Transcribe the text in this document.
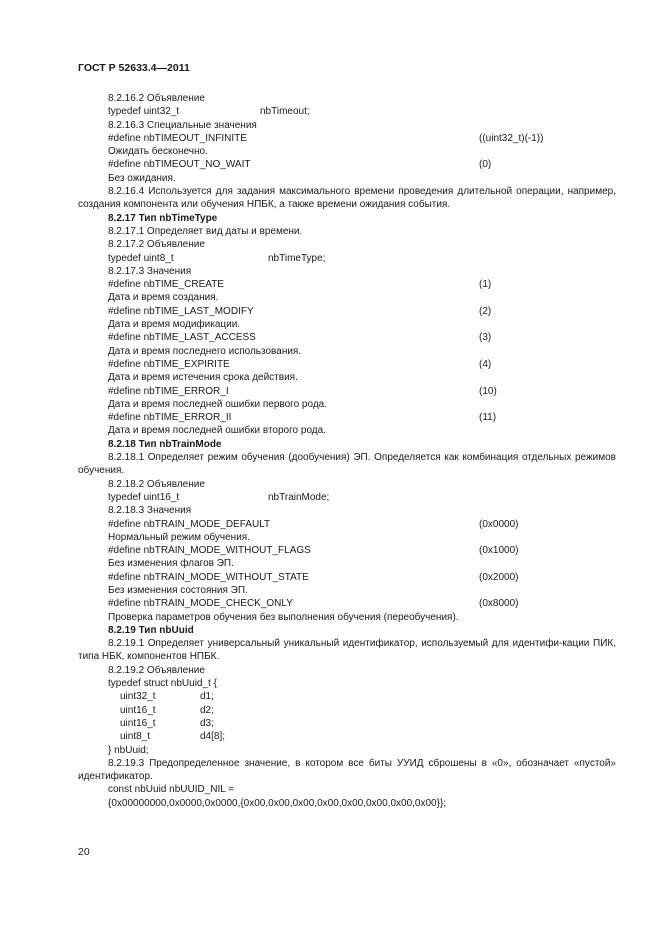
ГОСТ Р 52633.4—2011
8.2.16.2 Объявление
typedef uint32_t	nbTimeout;
8.2.16.3 Специальные значения
#define nbTIMEOUT_INFINITE	((uint32_t)(-1))
Ожидать бесконечно.
#define nbTIMEOUT_NO_WAIT	(0)
Без ожидания.
8.2.16.4 Используется для задания максимального времени проведения длительной операции, например, создания компонента или обучения НПБК, а также времени ожидания события.
8.2.17 Тип nbTimeType
8.2.17.1 Определяет вид даты и времени.
8.2.17.2 Объявление
typedef uint8_t	nbTimeType;
8.2.17.3 Значения
#define nbTIME_CREATE	(1)
Дата и время создания.
#define nbTIME_LAST_MODIFY	(2)
Дата и время модификации.
#define nbTIME_LAST_ACCESS	(3)
Дата и время последнего использования.
#define nbTIME_EXPIRITE	(4)
Дата и время истечения срока действия.
#define nbTIME_ERROR_I	(10)
Дата и время последней ошибки первого рода.
#define nbTIME_ERROR_II	(11)
Дата и время последней ошибки второго рода.
8.2.18 Тип nbTrainMode
8.2.18.1 Определяет режим обучения (дообучения) ЭП. Определяется как комбинация отдельных режимов обучения.
8.2.18.2 Объявление
typedef uint16_t	nbTrainMode;
8.2.18.3 Значения
#define nbTRAIN_MODE_DEFAULT	(0x0000)
Нормальный режим обучения.
#define nbTRAIN_MODE_WITHOUT_FLAGS	(0x1000)
Без изменения флагов ЭП.
#define nbTRAIN_MODE_WITHOUT_STATE	(0x2000)
Без изменения состояния ЭП.
#define nbTRAIN_MODE_CHECK_ONLY	(0x8000)
Проверка параметров обучения без выполнения обучения (переобучения).
8.2.19 Тип nbUuid
8.2.19.1 Определяет универсальный уникальный идентификатор, используемый для идентифи-кации ПИК, типа НБК, компонентов НПБК.
8.2.19.2 Объявление
typedef struct nbUuid_t {
uint32_t	d1;
uint16_t	d2;
uint16_t	d3;
uint8_t	d4[8];
} nbUuid;
8.2.19.3 Предопределенное значение, в котором все биты УУИД сброшены в «0», обозначает «пустой» идентификатор.
const nbUuid nbUUID_NIL =
{0x00000000,0x0000,0x0000,{0x00,0x00,0x00,0x00,0x00,0x00,0x00,0x00}};
20
